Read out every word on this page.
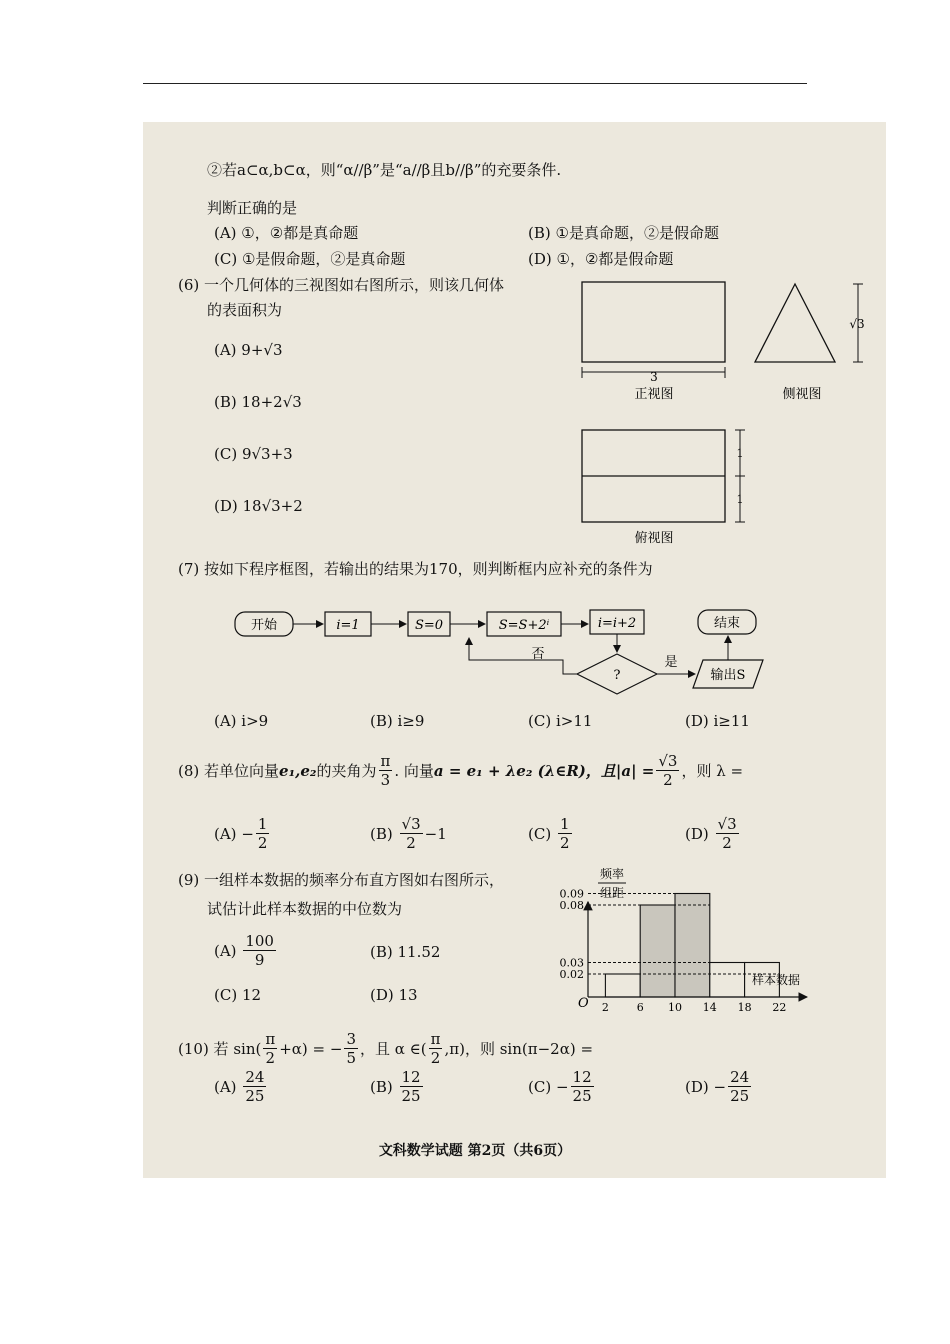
②若a⊂α,b⊂α，则“α//β”是“a//β且b//β”的充要条件.
判断正确的是
(A) ①，②都是真命题	(B) ①是真命题，②是假命题
(C) ①是假命题，②是真命题	(D) ①，②都是假命题
(6) 一个几何体的三视图如右图所示，则该几何体
的表面积为
(A) 9+√3
(B) 18+2√3
(C) 9√3+3
(D) 18√3+2
3
正视图
√3
侧视图
1
1
俯视图
(7) 按如下程序框图，若输出的结果为170，则判断框内应补充的条件为
开始	i=1	S=0	S=S+2ⁱ	i=i+2
?
否
是
输出S
结束
(A) i>9	(B) i≥9	(C) i>11	(D) i≥11
(8) 若单位向量 e₁,e₂ 的夹角为 $\frac{\pi}{3}$ . 向量 a = e₁ + λe₂ (λ∈R)，且$|a| = \frac{√3}{2}$ ，则 λ =
(A)
− $\frac{1}{2}$	(B)
$\frac{√3}{2} -1$	(C)
$\frac{1}{2}$	(D)
$\frac{√3}{2}$
(9) 一组样本数据的频率分布直方图如右图所示，
试估计此样本数据的中位数为
(A)
$\frac{100}{9}$	(B) 11.52
(C) 12	(D) 13
0.02
0.03
0.08
0.09
2	6 10 14 18 22
频率
组距
样本数据
O
(10) 若 $\sin( \frac{\pi}{2} +\alpha)$ = − $\frac{3}{5}$ ，且 α ∈( $\frac{\pi}{2} ,\pi$)，则 sin(π−2α) =
(A)
$\frac{24}{25}$	(B)
$\frac{12}{25}$	(C)
− $\frac{12}{25}$	(D)
− $\frac{24}{25}$
文科数学试题 第2页（共6页）
